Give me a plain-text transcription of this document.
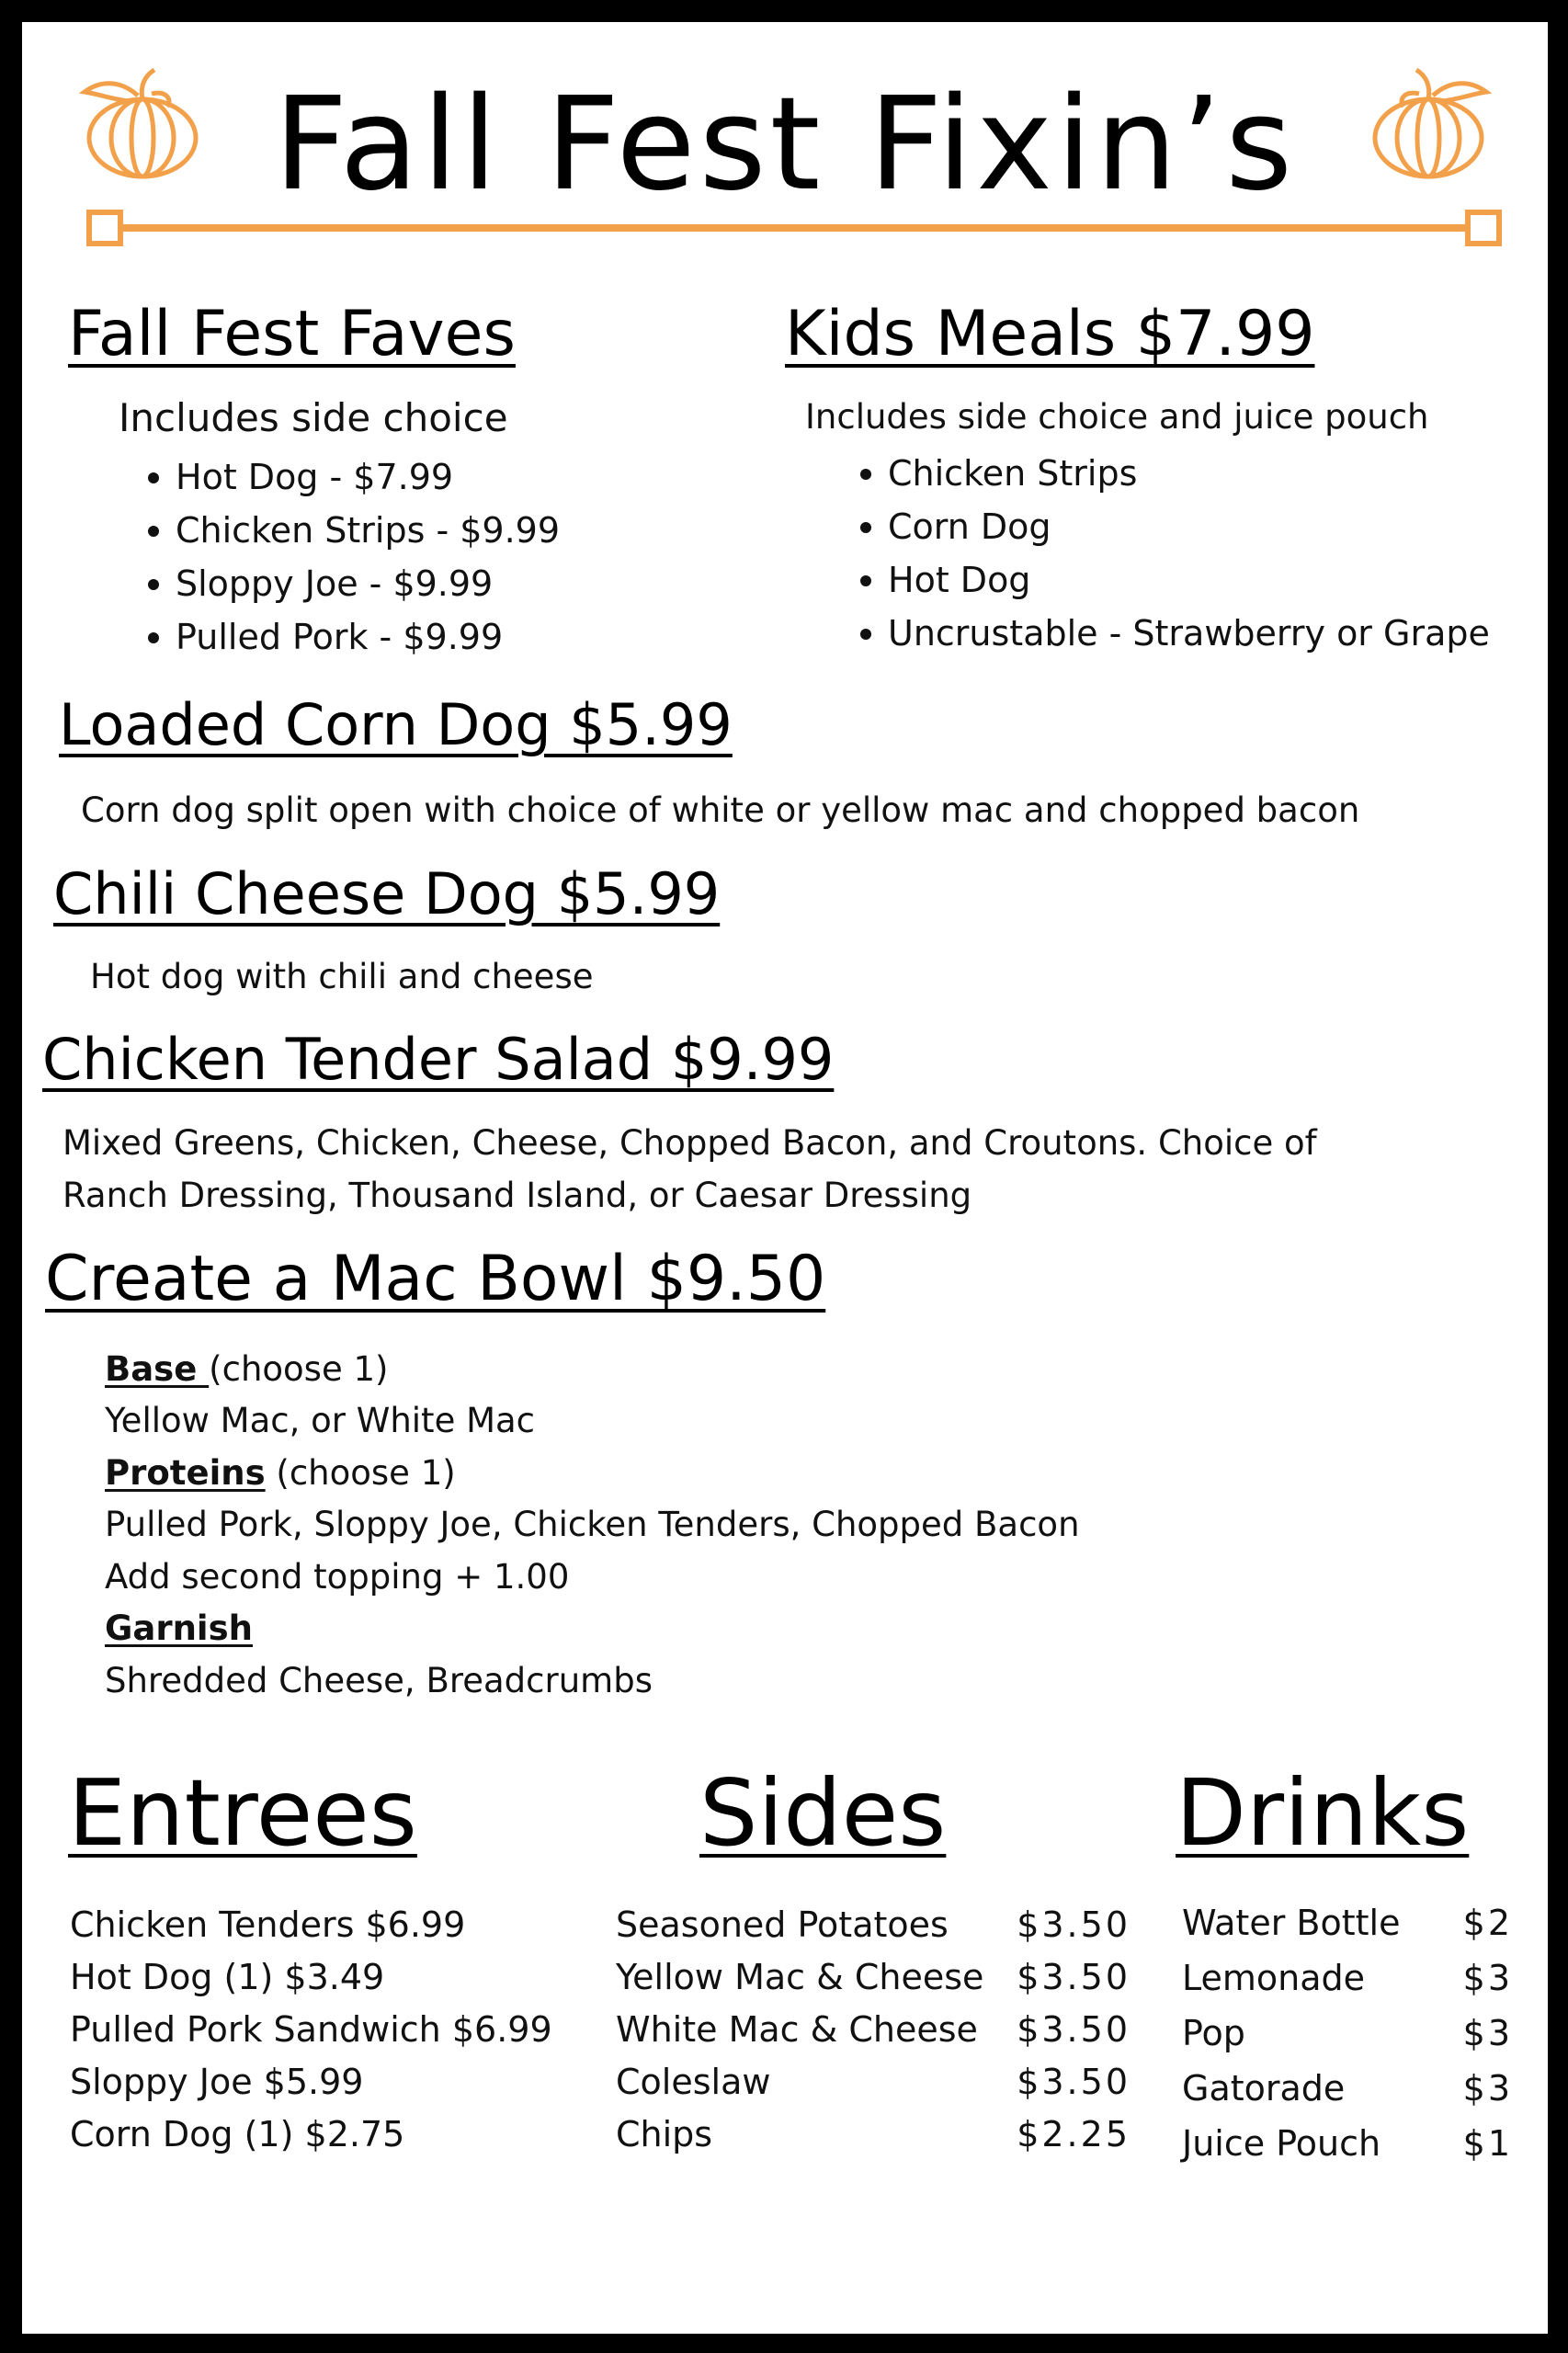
Fall Fest Fixin’s
Fall Fest Faves
Includes side choice
Hot Dog - $7.99
Chicken Strips - $9.99
Sloppy Joe - $9.99
Pulled Pork - $9.99
Kids Meals $7.99
Includes side choice and juice pouch
Chicken Strips
Corn Dog
Hot Dog
Uncrustable - Strawberry or Grape
Loaded Corn Dog $5.99
Corn dog split open with choice of white or yellow mac and chopped bacon
Chili Cheese Dog $5.99
Hot dog with chili and cheese
Chicken Tender Salad $9.99
Mixed Greens, Chicken, Cheese, Chopped Bacon, and Croutons. Choice of
Ranch Dressing, Thousand Island, or Caesar Dressing
Create a Mac Bowl $9.50
Base (choose 1)
Yellow Mac, or White Mac
Proteins (choose 1)
Pulled Pork, Sloppy Joe, Chicken Tenders, Chopped Bacon
Add second topping + 1.00
Garnish
Shredded Cheese, Breadcrumbs
Entrees
Chicken Tenders $6.99
Hot Dog (1) $3.49
Pulled Pork Sandwich $6.99
Sloppy Joe $5.99
Corn Dog (1) $2.75
Sides
Seasoned Potatoes $3.50
Yellow Mac & Cheese $3.50
White Mac & Cheese $3.50
Coleslaw	$3.50
Chips	$2.25
Drinks
Water Bottle $2
Lemonade	$3
Pop	$3
Gatorade	$3
Juice Pouch $1
